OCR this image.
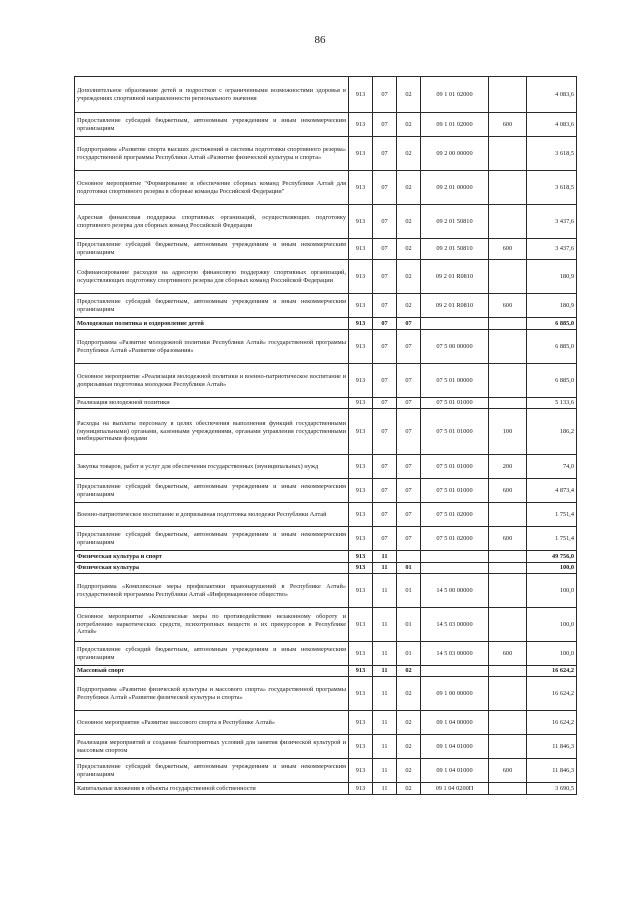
86
Дополнительное образование детей и подростков с ограниченными возможностями здоровья в учреждениях спортивной направленности регионального значения	913	07	02	09 1 01 02000		4 083,6
Предоставление субсидий бюджетным, автономным учреждениям и иным некоммерческим организациям	913	07	02	09 1 01 02000	600	4 083,6
Подпрограмма «Развитие спорта высших достижений и системы подготовки спортивного резерва» государственной программы Республики Алтай «Развитие физической культуры и спорта»	913	07	02	09 2 00 00000		3 618,5
Основное мероприятие "Формирование и обеспечение сборных команд Республики Алтай для подготовки спортивного резерва в сборные команды Российской Федерации"	913	07	02	09 2 01 00000		3 618,5
Адресная финансовая поддержка спортивных организаций, осуществляющих подготовку спортивного резерва для сборных команд Российской Федерации	913	07	02	09 2 01 50810		3 437,6
Предоставление субсидий бюджетным, автономным учреждениям и иным некоммерческим организациям	913	07	02	09 2 01 50810	600	3 437,6
Софинансирование расходов на адресную финансовую поддержку спортивных организаций, осуществляющих подготовку спортивного резерва для сборных команд Российской Федерации	913	07	02	09 2 01 R0810		180,9
Предоставление субсидий бюджетным, автономным учреждениям и иным некоммерческим организациям	913	07	02	09 2 01 R0810	600	180,9
Молодежная политика и оздоровление детей	913	07	07			6 885,0
Подпрограмма «Развитие молодежной политики Республики Алтай» государственной программы Республики Алтай «Развитие образования»	913	07	07	07 5 00 00000		6 885,0
Основное мероприятие «Реализация молодежной политики и военно-патриотическое воспитание и допризывная подготовка молодежи Республики Алтай»	913	07	07	07 5 01 00000		6 885,0
Реализация молодежной политики	913	07	07	07 5 01 01000		5 133,6
Расходы на выплаты персоналу в целях обеспечения выполнения функций государственными (муниципальными) органами, казенными учреждениями, органами управления государственными внебюджетными фондами	913	07	07	07 5 01 01000	100	186,2
Закупка товаров, работ и услуг для обеспечения государственных (муниципальных) нужд	913	07	07	07 5 01 01000	200	74,0
Предоставление субсидий бюджетным, автономным учреждениям и иным некоммерческим организациям	913	07	07	07 5 01 01000	600	4 873,4
Военно-патриотическое воспитание и допризывная подготовка молодежи Республики Алтай	913	07	07	07 5 01 02000		1 751,4
Предоставление субсидий бюджетным, автономным учреждениям и иным некоммерческим организациям	913	07	07	07 5 01 02000	600	1 751,4
Физическая культура и спорт	913	11				49 756,0
Физическая культура	913	11	01			100,0
Подпрограмма «Комплексные меры профилактики правонарушений в Республике Алтай» государственной программы Республики Алтай «Информационное общество»	913	11	01	14 5 00 00000		100,0
Основное мероприятие «Комплексные меры по противодействию незаконному обороту и потреблению наркотических средств, психотропных веществ и их прекурсоров в Республике Алтай»	913	11	01	14 5 03 00000		100,0
Предоставление субсидий бюджетным, автономным учреждениям и иным некоммерческим организациям	913	11	01	14 5 03 00000	600	100,0
Массовый спорт	913	11	02			16 624,2
Подпрограмма «Развитие физической культуры и массового спорта» государственной программы Республики Алтай «Развитие физической культуры и спорта»	913	11	02	09 1 00 00000		16 624,2
Основное мероприятие «Развитие массового спорта в Республике Алтай»	913	11	02	09 1 04 00000		16 624,2
Реализация мероприятий и создание благоприятных условий для занятия физической культурой и массовым спортом	913	11	02	09 1 04 01000		11 846,3
Предоставление субсидий бюджетным, автономным учреждениям и иным некоммерческим организациям	913	11	02	09 1 04 01000	600	11 846,3
Капитальные вложения в объекты государственной собственности	913	11	02	09 1 04 0200П		3 690,5
